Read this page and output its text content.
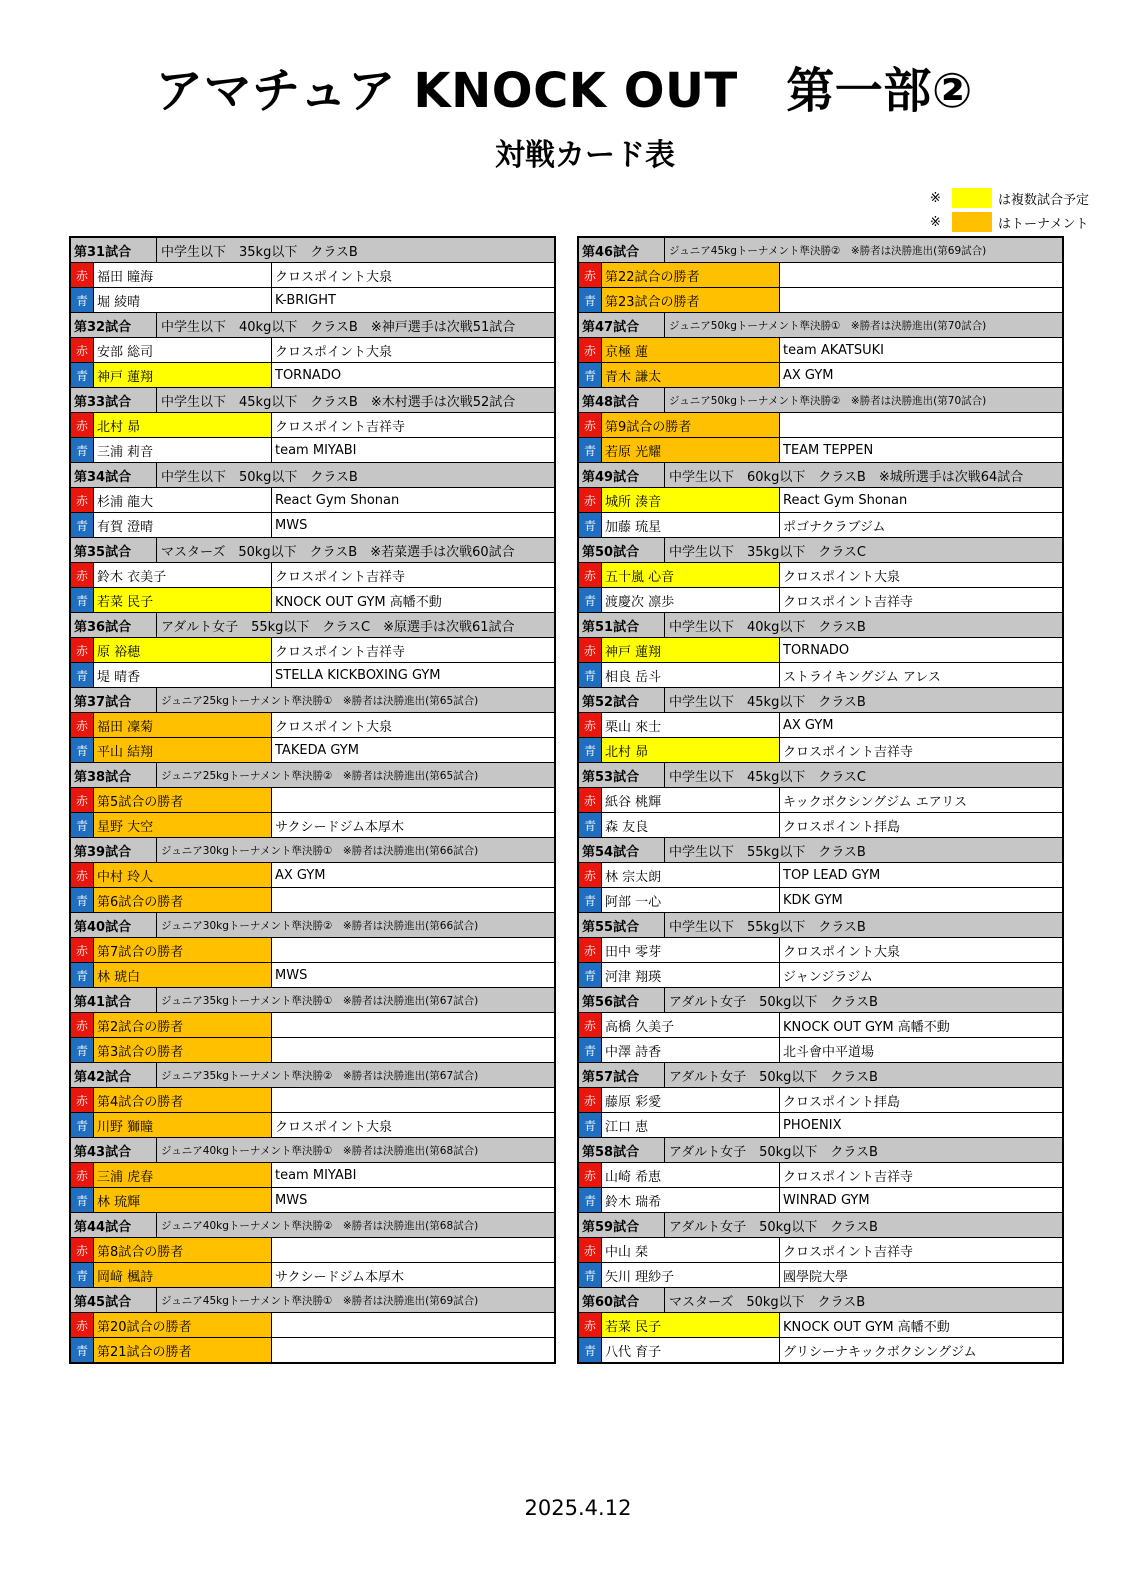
アマチュア KNOCK OUT　第一部②
対戦カード表
※	は複数試合予定
※	はトーナメント
第31試合	中学生以下　35kg以下　クラスB
赤 福田 瞳海	クロスポイント大泉
青 堀 綾晴	K-BRIGHT
第32試合	中学生以下　40kg以下　クラスB　※神戸選手は次戦51試合
赤 安部 総司	クロスポイント大泉
青 神戸 蓮翔	TORNADO
第33試合	中学生以下　45kg以下　クラスB　※木村選手は次戦52試合
赤 北村 昴	クロスポイント吉祥寺
青 三浦 莉音	team MIYABI
第34試合	中学生以下　50kg以下　クラスB
赤 杉浦 龍大	React Gym Shonan
青 有賀 澄晴	MWS
第35試合	マスターズ　50kg以下　クラスB　※若菜選手は次戦60試合
赤 鈴木 衣美子	クロスポイント吉祥寺
青 若菜 民子	KNOCK OUT GYM 高幡不動
第36試合	アダルト女子　55kg以下　クラスC　※原選手は次戦61試合
赤 原 裕穂	クロスポイント吉祥寺
青 堤 晴香	STELLA KICKBOXING GYM
第37試合	ジュニア25kgトーナメント準決勝①　※勝者は決勝進出(第65試合)
赤 福田 凜菊	クロスポイント大泉
青 平山 結翔	TAKEDA GYM
第38試合	ジュニア25kgトーナメント準決勝②　※勝者は決勝進出(第65試合)
赤 第5試合の勝者
青 星野 大空	サクシードジム本厚木
第39試合	ジュニア30kgトーナメント準決勝①　※勝者は決勝進出(第66試合)
赤 中村 玲人	AX GYM
青 第6試合の勝者
第40試合	ジュニア30kgトーナメント準決勝②　※勝者は決勝進出(第66試合)
赤 第7試合の勝者
青 林 琥白	MWS
第41試合	ジュニア35kgトーナメント準決勝①　※勝者は決勝進出(第67試合)
赤 第2試合の勝者
青 第3試合の勝者
第42試合	ジュニア35kgトーナメント準決勝②　※勝者は決勝進出(第67試合)
赤 第4試合の勝者
青 川野 獅瞳	クロスポイント大泉
第43試合	ジュニア40kgトーナメント準決勝①　※勝者は決勝進出(第68試合)
赤 三浦 虎春	team MIYABI
青 林 琉輝	MWS
第44試合	ジュニア40kgトーナメント準決勝②　※勝者は決勝進出(第68試合)
赤 第8試合の勝者
青 岡﨑 楓詩	サクシードジム本厚木
第45試合	ジュニア45kgトーナメント準決勝①　※勝者は決勝進出(第69試合)
赤 第20試合の勝者
青 第21試合の勝者
第46試合	ジュニア45kgトーナメント準決勝②　※勝者は決勝進出(第69試合)
赤 第22試合の勝者
青 第23試合の勝者
第47試合	ジュニア50kgトーナメント準決勝①　※勝者は決勝進出(第70試合)
赤 京極 蓮	team AKATSUKI
青 青木 謙太	AX GYM
第48試合	ジュニア50kgトーナメント準決勝②　※勝者は決勝進出(第70試合)
赤 第9試合の勝者
青 若原 光耀	TEAM TEPPEN
第49試合	中学生以下　60kg以下　クラスB　※城所選手は次戦64試合
赤 城所 湊音	React Gym Shonan
青 加藤 琉星	ポゴナクラブジム
第50試合	中学生以下　35kg以下　クラスC
赤 五十嵐 心音	クロスポイント大泉
青 渡慶次 凛歩	クロスポイント吉祥寺
第51試合	中学生以下　40kg以下　クラスB
赤 神戸 蓮翔	TORNADO
青 相良 岳斗	ストライキングジム アレス
第52試合	中学生以下　45kg以下　クラスB
赤 栗山 來士	AX GYM
青 北村 昴	クロスポイント吉祥寺
第53試合	中学生以下　45kg以下　クラスC
赤 紙谷 桃輝	キックボクシングジム エアリス
青 森 友良	クロスポイント拝島
第54試合	中学生以下　55kg以下　クラスB
赤 林 宗太朗	TOP LEAD GYM
青 阿部 一心	KDK GYM
第55試合	中学生以下　55kg以下　クラスB
赤 田中 零芽	クロスポイント大泉
青 河津 翔瑛	ジャンジラジム
第56試合	アダルト女子　50kg以下　クラスB
赤 高橋 久美子	KNOCK OUT GYM 高幡不動
青 中澤 詩香	北斗會中平道場
第57試合	アダルト女子　50kg以下　クラスB
赤 藤原 彩愛	クロスポイント拝島
青 江口 恵	PHOENIX
第58試合	アダルト女子　50kg以下　クラスB
赤 山崎 希恵	クロスポイント吉祥寺
青 鈴木 瑞希	WINRAD GYM
第59試合	アダルト女子　50kg以下　クラスB
赤 中山 栞	クロスポイント吉祥寺
青 矢川 理紗子	國學院大學
第60試合	マスターズ　50kg以下　クラスB
赤 若菜 民子	KNOCK OUT GYM 高幡不動
青 八代 育子	グリシーナキックボクシングジム
2025.4.12
